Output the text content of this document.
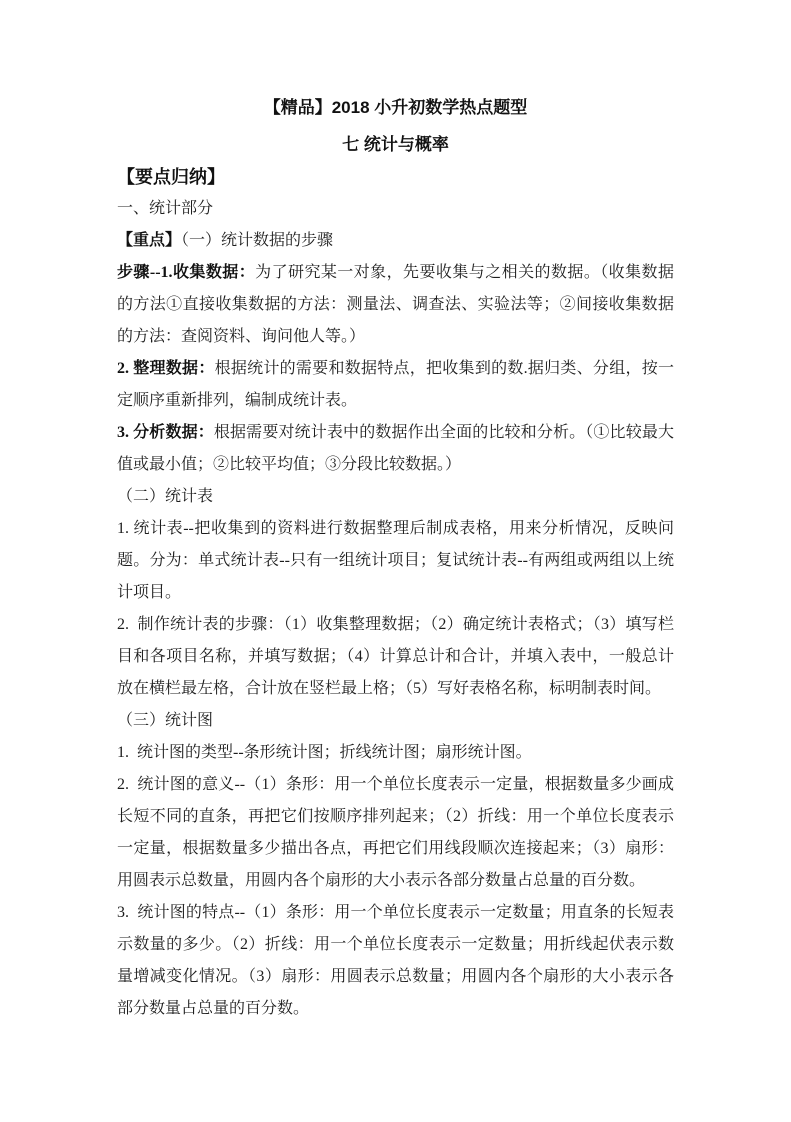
【精品】2018 小升初数学热点题型
七 统计与概率
【要点归纳】

一、统计部分

【重点】（一）统计数据的步骤

步骤--1.收集数据：为了研究某一对象，先要收集与之相关的数据。（收集数据的方法①直接收集数据的方法：测量法、调查法、实验法等；②间接收集数据的方法：查阅资料、询问他人等。）

2. 整理数据：根据统计的需要和数据特点，把收集到的数.据归类、分组，按一定顺序重新排列，编制成统计表。

3. 分析数据：根据需要对统计表中的数据作出全面的比较和分析。（①比较最大值或最小值；②比较平均值；③分段比较数据。）

（二）统计表

1. 统计表--把收集到的资料进行数据整理后制成表格，用来分析情况，反映问题。分为：单式统计表--只有一组统计项目；复试统计表--有两组或两组以上统计项目。

2.  制作统计表的步骤：（1）收集整理数据；（2）确定统计表格式；（3）填写栏目和各项目名称，并填写数据；（4）计算总计和合计，并填入表中，一般总计放在横栏最左格，合计放在竖栏最上格；（5）写好表格名称，标明制表时间。

（三）统计图

1.  统计图的类型--条形统计图；折线统计图；扇形统计图。

2.  统计图的意义--（1）条形：用一个单位长度表示一定量，根据数量多少画成长短不同的直条，再把它们按顺序排列起来；（2）折线：用一个单位长度表示一定量，根据数量多少描出各点，再把它们用线段顺次连接起来；（3）扇形：用圆表示总数量，用圆内各个扇形的大小表示各部分数量占总量的百分数。

3.  统计图的特点--（1）条形：用一个单位长度表示一定数量；用直条的长短表示数量的多少。（2）折线：用一个单位长度表示一定数量；用折线起伏表示数量增减变化情况。（3）扇形：用圆表示总数量；用圆内各个扇形的大小表示各部分数量占总量的百分数。
